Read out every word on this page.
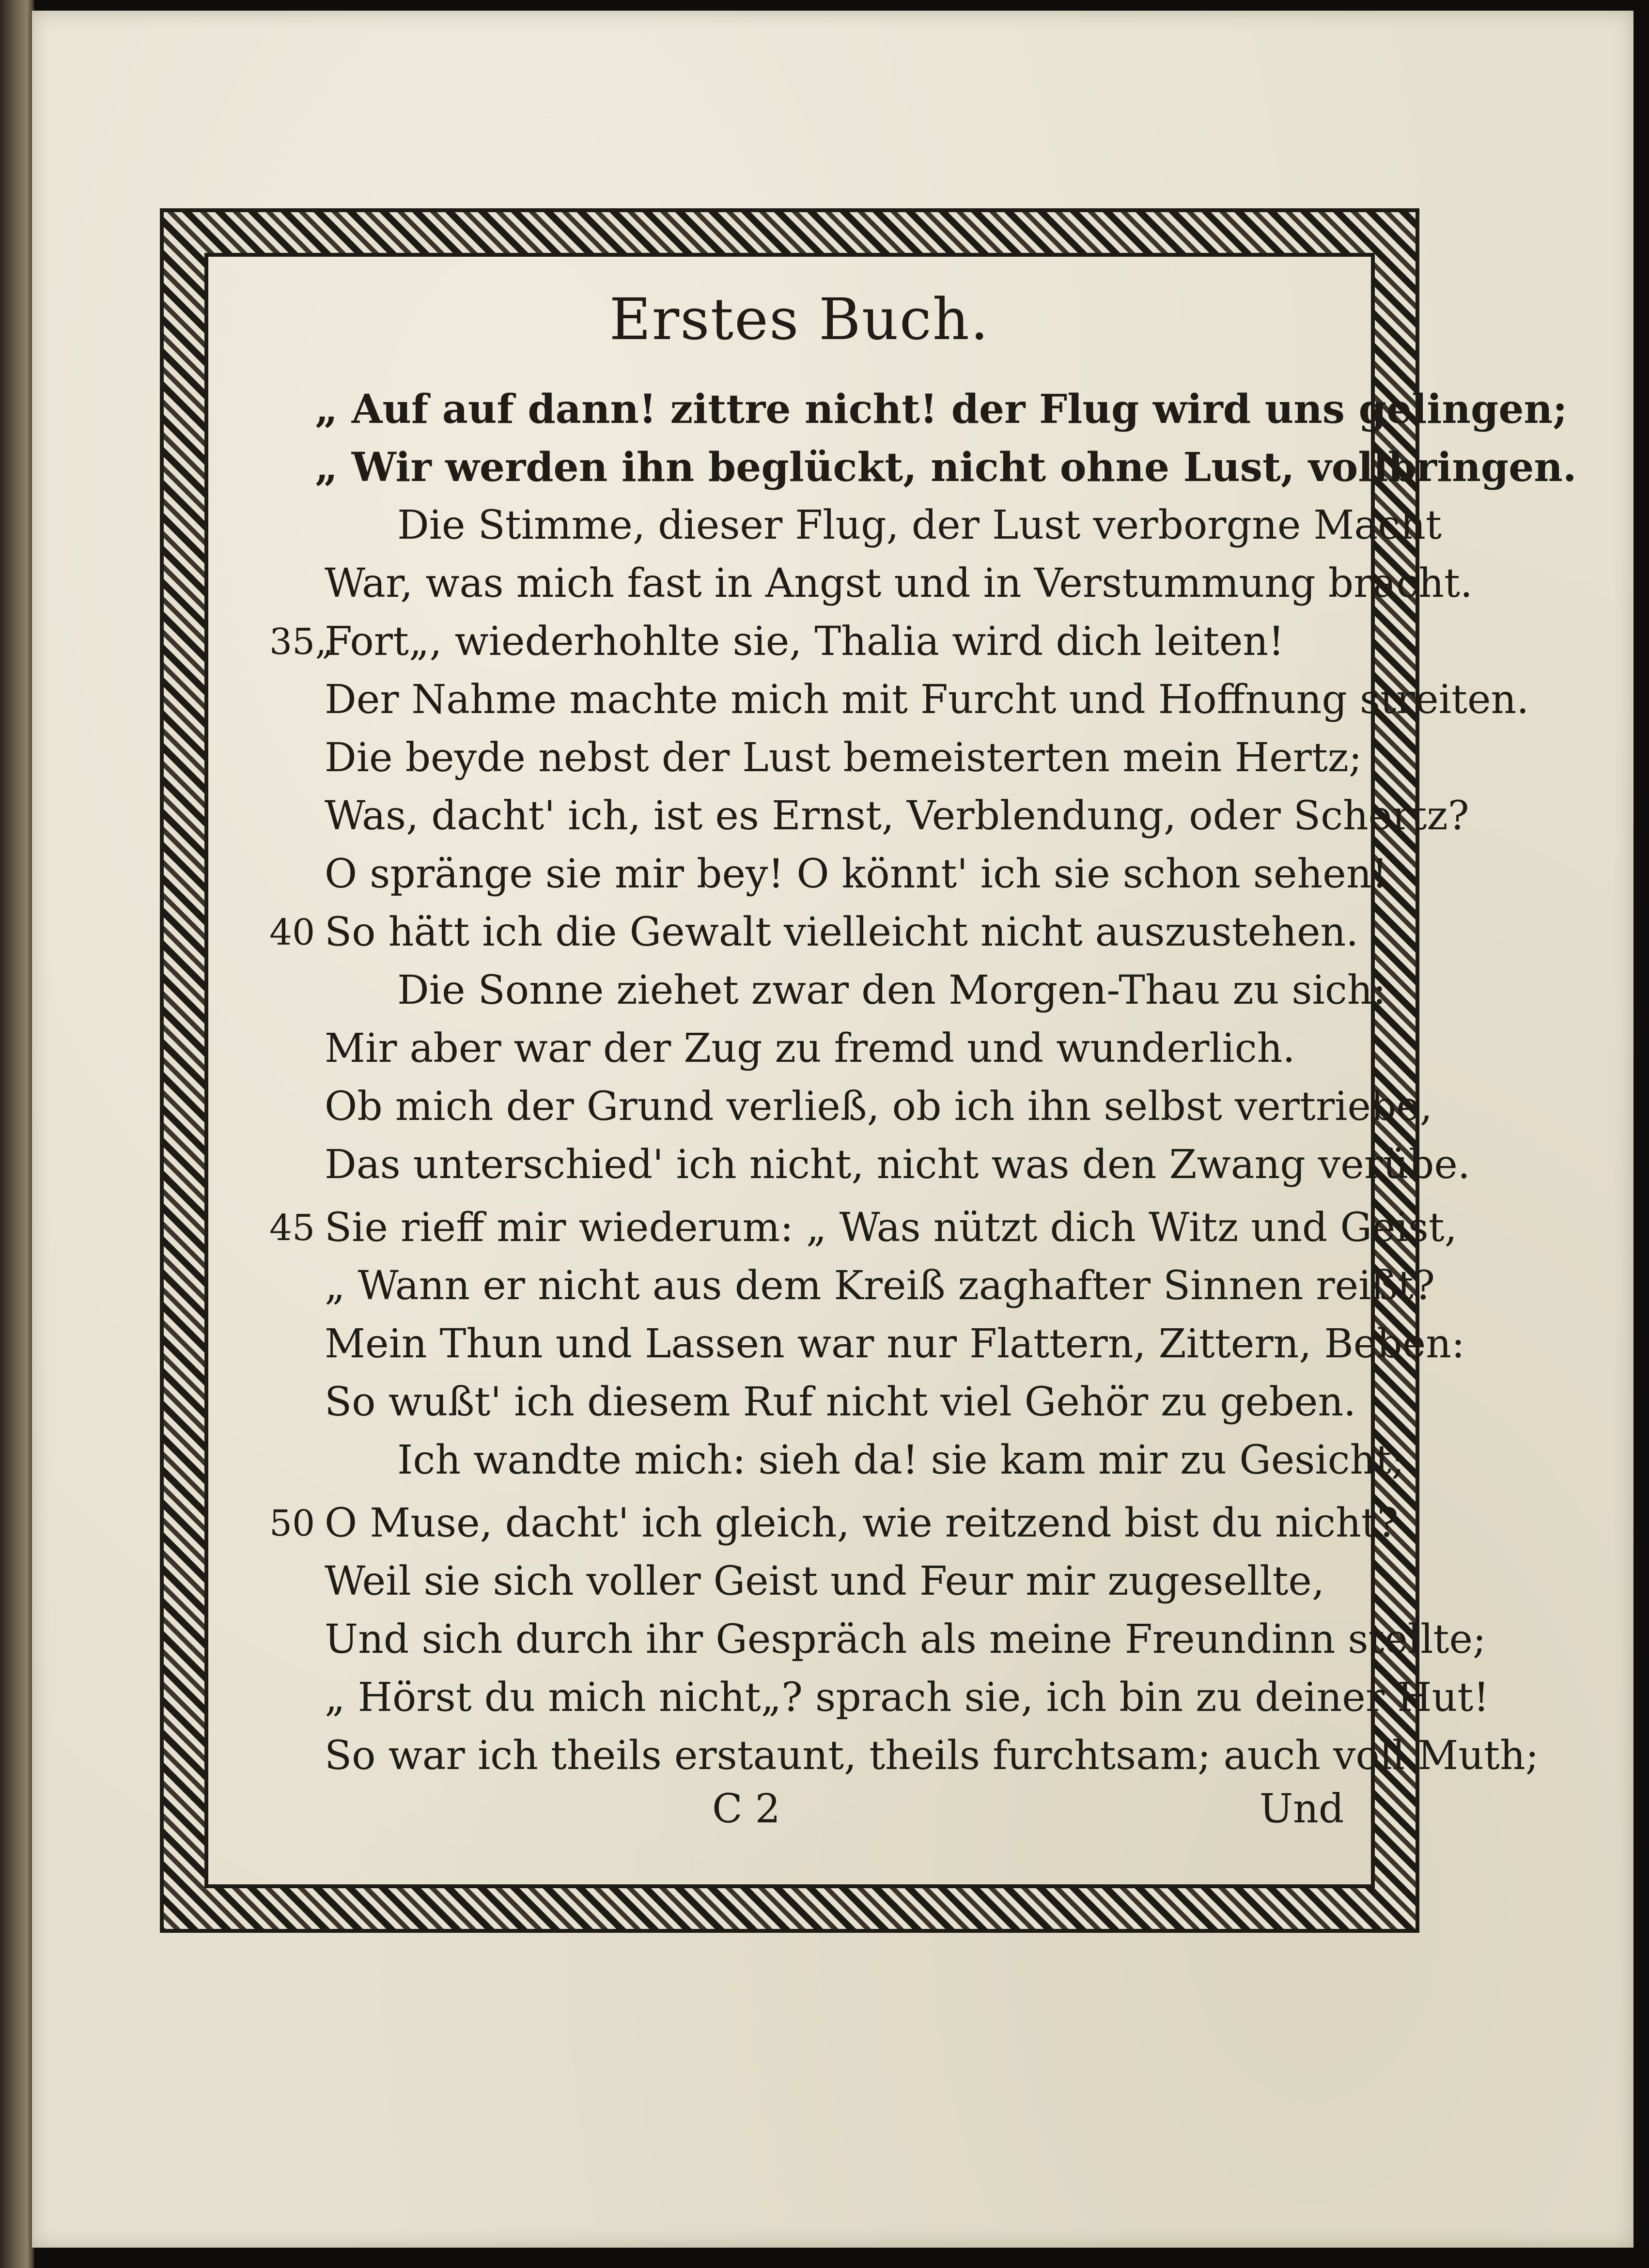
Erstes Buch.
„ Auf auf dann! zittre nicht! der Flug wird uns gelingen;
„ Wir werden ihn beglückt, nicht ohne Lust, vollbringen.
Die Stimme, dieser Flug, der Lust verborgne Macht
War, was mich fast in Angst und in Verstummung bracht.
35„
Fort„, wiederhohlte sie, Thalia wird dich leiten!
Der Nahme machte mich mit Furcht und Hoffnung streiten.
Die beyde nebst der Lust bemeisterten mein Hertz;
Was, dacht' ich, ist es Ernst, Verblendung, oder Schertz?
O spränge sie mir bey! O könnt' ich sie schon sehen!
40 So hätt ich die Gewalt vielleicht nicht auszustehen.
Die Sonne ziehet zwar den Morgen-Thau zu sich:
Mir aber war der Zug zu fremd und wunderlich.
Ob mich der Grund verließ, ob ich ihn selbst vertriebe,
Das unterschied' ich nicht, nicht was den Zwang verübe.
45 Sie rieff mir wiederum: „ Was nützt dich Witz und Geist,
„ Wann er nicht aus dem Kreiß zaghafter Sinnen reißt?
Mein Thun und Lassen war nur Flattern, Zittern, Beben:
So wußt' ich diesem Ruf nicht viel Gehör zu geben.
Ich wandte mich: sieh da! sie kam mir zu Gesicht;
50 O Muse, dacht' ich gleich, wie reitzend bist du nicht?
Weil sie sich voller Geist und Feur mir zugesellte,
Und sich durch ihr Gespräch als meine Freundinn stellte;
„ Hörst du mich nicht„? sprach sie, ich bin zu deiner Hut!
So war ich theils erstaunt, theils furchtsam; auch voll Muth;
C 2	Und
